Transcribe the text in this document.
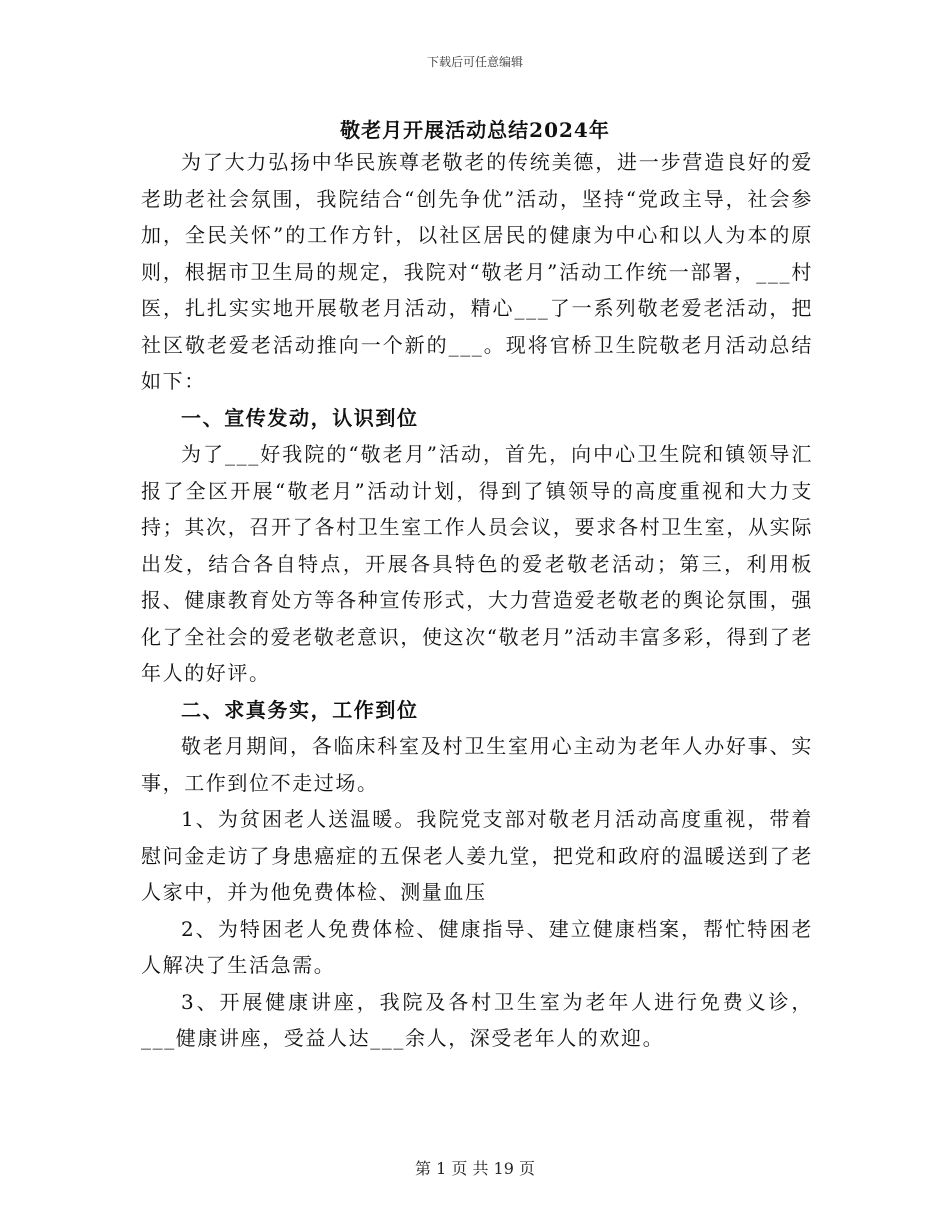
下载后可任意编辑
敬老月开展活动总结2024年

为了大力弘扬中华民族尊老敬老的传统美德，进一步营造良好的爱老助老社会氛围，我院结合“创先争优”活动，坚持“党政主导，社会参加，全民关怀”的工作方针，以社区居民的健康为中心和以人为本的原则，根据市卫生局的规定，我院对“敬老月”活动工作统一部署，___村医，扎扎实实地开展敬老月活动，精心___了一系列敬老爱老活动，把社区敬老爱老活动推向一个新的___。现将官桥卫生院敬老月活动总结如下：

一、宣传发动，认识到位

为了___好我院的“敬老月”活动，首先，向中心卫生院和镇领导汇报了全区开展“敬老月”活动计划，得到了镇领导的高度重视和大力支持；其次，召开了各村卫生室工作人员会议，要求各村卫生室，从实际出发，结合各自特点，开展各具特色的爱老敬老活动；第三，利用板报、健康教育处方等各种宣传形式，大力营造爱老敬老的舆论氛围，强化了全社会的爱老敬老意识，使这次“敬老月”活动丰富多彩，得到了老年人的好评。

二、求真务实，工作到位

敬老月期间，各临床科室及村卫生室用心主动为老年人办好事、实事，工作到位不走过场。

1、为贫困老人送温暖。我院党支部对敬老月活动高度重视，带着慰问金走访了身患癌症的五保老人姜九堂，把党和政府的温暖送到了老人家中，并为他免费体检、测量血压

2、为特困老人免费体检、健康指导、建立健康档案，帮忙特困老人解决了生活急需。

3、开展健康讲座，我院及各村卫生室为老年人进行免费义诊，___健康讲座，受益人达___余人，深受老年人的欢迎。

第 1 页 共 19 页
